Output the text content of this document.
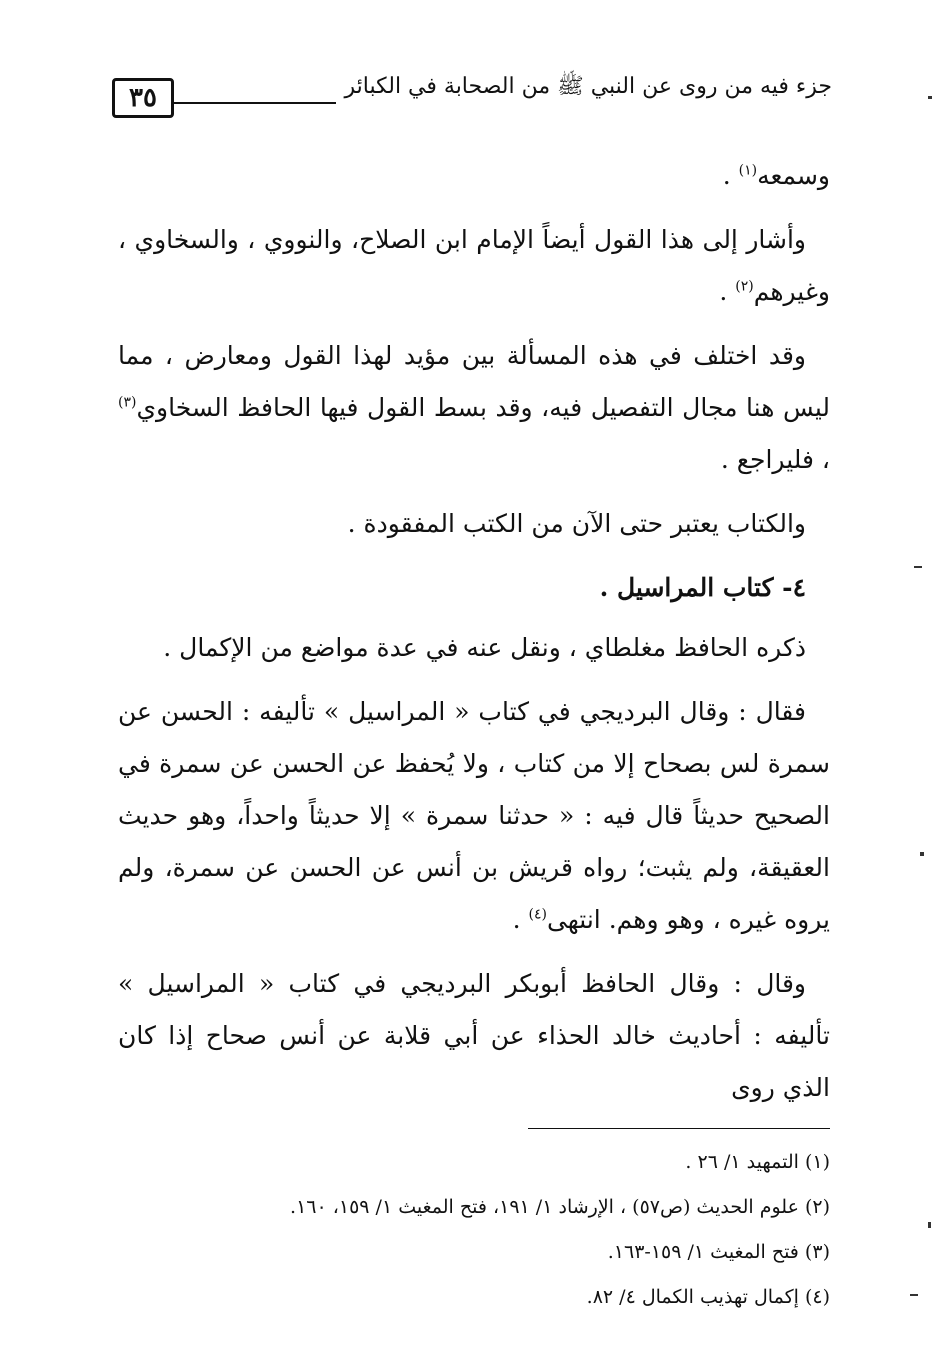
٣٥	جزء فيه من روى عن النبي ﷺ من الصحابة في الكبائر

وسمعه$^{(١)}$ .

وأشار إلى هذا القول أيضاً الإمام ابن الصلاح، والنووي ، والسخاوي ، وغيرهم$^{(٢)}$ .

وقد اختلف في هذه المسألة بين مؤيد لهذا القول ومعارض ، مما ليس هنا مجال التفصيل فيه، وقد بسط القول فيها الحافظ السخاوي$^{(٣)}$ ، فليراجع .

والكتاب يعتبر حتى الآن من الكتب المفقودة .

٤- كتاب المراسيل .

ذكره الحافظ مغلطاي ، ونقل عنه في عدة مواضع من الإكمال .

فقال : وقال البرديجي في كتاب « المراسيل » تأليفه : الحسن عن سمرة لس بصحاح إلا من كتاب ، ولا يُحفظ عن الحسن عن سمرة في الصحيح حديثاً قال فيه : « حدثنا سمرة » إلا حديثاً واحداً، وهو حديث العقيقة، ولم يثبت؛ رواه قريش بن أنس عن الحسن عن سمرة، ولم يروه غيره ، وهو وهم. انتهى$^{(٤)}$ .

وقال : وقال الحافظ أبوبكر البرديجي في كتاب « المراسيل » تأليفه : أحاديث خالد الحذاء عن أبي قلابة عن أنس صحاح إذا كان الذي روى

(١) التمهيد ١/ ٢٦ .

(٢) علوم الحديث (ص٥٧) ، الإرشاد ١/ ١٩١، فتح المغيث ١/ ١٥٩، ١٦٠.

(٣) فتح المغيث ١/ ١٥٩-١٦٣.

(٤) إكمال تهذيب الكمال ٤/ ٨٢.
